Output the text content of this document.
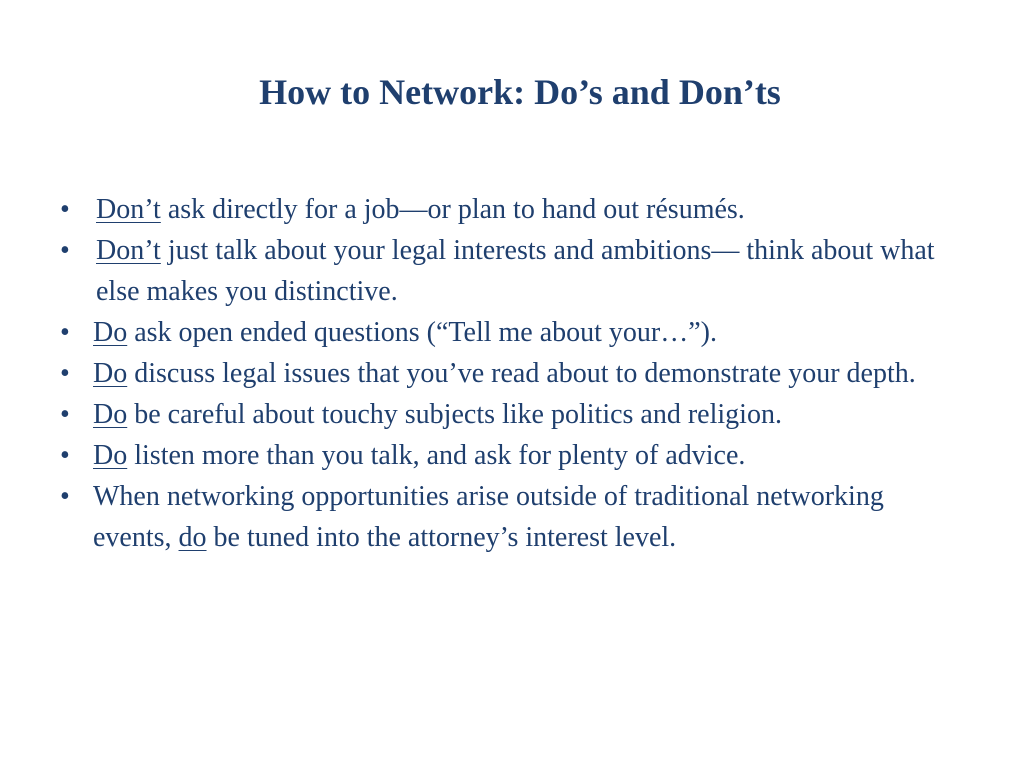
How to Network: Do’s and Don’ts
• Don’t ask directly for a job—or plan to hand out résumés.
• Don’t just talk about your legal interests and ambitions— think about what else makes you distinctive.
• Do ask open ended questions (“Tell me about your…”).
• Do discuss legal issues that you’ve read about to demonstrate your depth.
• Do be careful about touchy subjects like politics and religion.
• Do listen more than you talk, and ask for plenty of advice.
• When networking opportunities arise outside of traditional networking events, do be tuned into the attorney’s interest level.
